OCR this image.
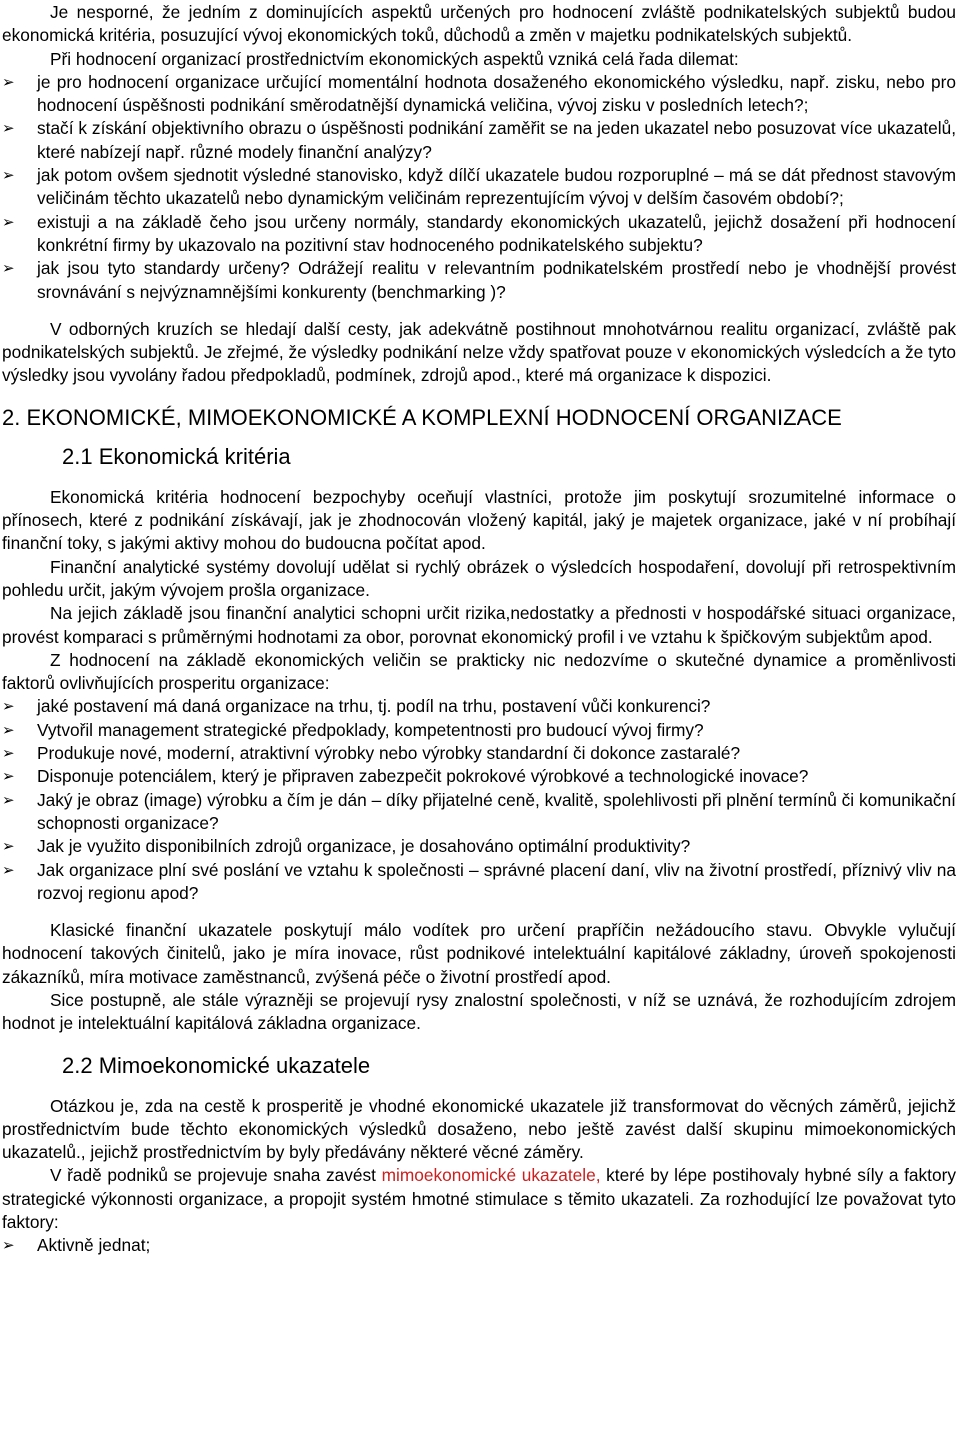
Je nesporné, že jedním z dominujících aspektů určených pro hodnocení zvláště podnikatelských subjektů budou ekonomická kritéria, posuzující vývoj ekonomických toků, důchodů a změn v majetku podnikatelských subjektů.

Při hodnocení organizací prostřednictvím ekonomických aspektů vzniká celá řada dilemat:

➢ je pro hodnocení organizace určující momentální hodnota dosaženého ekonomického výsledku, např. zisku, nebo pro hodnocení úspěšnosti podnikání směrodatnější dynamická veličina, vývoj zisku v posledních letech?;
➢ stačí k získání objektivního obrazu o úspěšnosti podnikání zaměřit se na jeden ukazatel nebo posuzovat více ukazatelů, které nabízejí např. různé modely finanční analýzy?
➢ jak potom ovšem sjednotit výsledné stanovisko, když dílčí ukazatele budou rozporuplné – má se dát přednost stavovým veličinám těchto ukazatelů nebo dynamickým veličinám reprezentujícím vývoj v delším časovém období?;
➢ existuji a na základě čeho jsou určeny normály, standardy ekonomických ukazatelů, jejichž dosažení při hodnocení konkrétní firmy by ukazovalo na pozitivní stav hodnoceného podnikatelského subjektu?
➢ jak jsou tyto standardy určeny? Odrážejí realitu v relevantním podnikatelském prostředí nebo je vhodnější provést srovnávání s nejvýznamnějšími konkurenty (benchmarking )?

V odborných kruzích se hledají další cesty, jak adekvátně postihnout mnohotvárnou realitu organizací, zvláště pak podnikatelských subjektů. Je zřejmé, že výsledky podnikání nelze vždy spatřovat pouze v ekonomických výsledcích a že tyto výsledky jsou vyvolány řadou předpokladů, podmínek, zdrojů apod., které má organizace k dispozici.

2. EKONOMICKÉ, MIMOEKONOMICKÉ A KOMPLEXNÍ HODNOCENÍ ORGANIZACE
2.1 Ekonomická kritéria

Ekonomická kritéria hodnocení bezpochyby oceňují vlastníci, protože jim poskytují srozumitelné informace o přínosech, které z podnikání získávají, jak je zhodnocován vložený kapitál, jaký je majetek organizace, jaké v ní probíhají finanční toky, s jakými aktivy mohou do budoucna počítat apod.

Finanční analytické systémy dovolují udělat si rychlý obrázek o výsledcích hospodaření, dovolují při retrospektivním pohledu určit, jakým vývojem prošla organizace.

Na jejich základě jsou finanční analytici schopni určit rizika,nedostatky a přednosti v hospodářské situaci organizace, provést komparaci s průměrnými hodnotami za obor, porovnat ekonomický profil i ve vztahu k špičkovým subjektům apod.

Z hodnocení na základě ekonomických veličin se prakticky nic nedozvíme o skutečné dynamice a proměnlivosti faktorů ovlivňujících prosperitu organizace:

➢ jaké postavení má daná organizace na trhu, tj. podíl na trhu, postavení vůči konkurenci?
➢ Vytvořil management strategické předpoklady, kompetentnosti pro budoucí vývoj firmy?
➢ Produkuje nové, moderní, atraktivní výrobky nebo výrobky standardní či dokonce zastaralé?
➢ Disponuje potenciálem, který je připraven zabezpečit pokrokové výrobkové a technologické inovace?
➢ Jaký je obraz (image) výrobku a čím je dán – díky přijatelné ceně, kvalitě, spolehlivosti při plnění termínů či komunikační schopnosti organizace?
➢ Jak je využito disponibilních zdrojů organizace, je dosahováno optimální produktivity?
➢ Jak organizace plní své poslání ve vztahu k společnosti – správné placení daní, vliv na životní prostředí, příznivý vliv na rozvoj regionu apod?

Klasické finanční ukazatele poskytují málo vodítek pro určení prapříčin nežádoucího stavu. Obvykle vylučují hodnocení takových činitelů, jako je míra inovace, růst podnikové intelektuální kapitálové základny, úroveň spokojenosti zákazníků, míra motivace zaměstnanců, zvýšená péče o životní prostředí apod.

Sice postupně, ale stále výrazněji se projevují rysy znalostní společnosti, v níž se uznává, že rozhodujícím zdrojem hodnot je intelektuální kapitálová základna organizace.

2.2 Mimoekonomické ukazatele

Otázkou je, zda na cestě k prosperitě je vhodné ekonomické ukazatele již transformovat do věcných záměrů, jejichž prostřednictvím bude těchto ekonomických výsledků dosaženo, nebo ještě zavést další skupinu mimoekonomických ukazatelů., jejichž prostřednictvím by byly předávány některé věcné záměry.

V řadě podniků se projevuje snaha zavést mimoekonomické ukazatele, které by lépe postihovaly hybné síly a faktory strategické výkonnosti organizace, a propojit systém hmotné stimulace s těmito ukazateli. Za rozhodující lze považovat tyto faktory:

➢ Aktivně jednat;
